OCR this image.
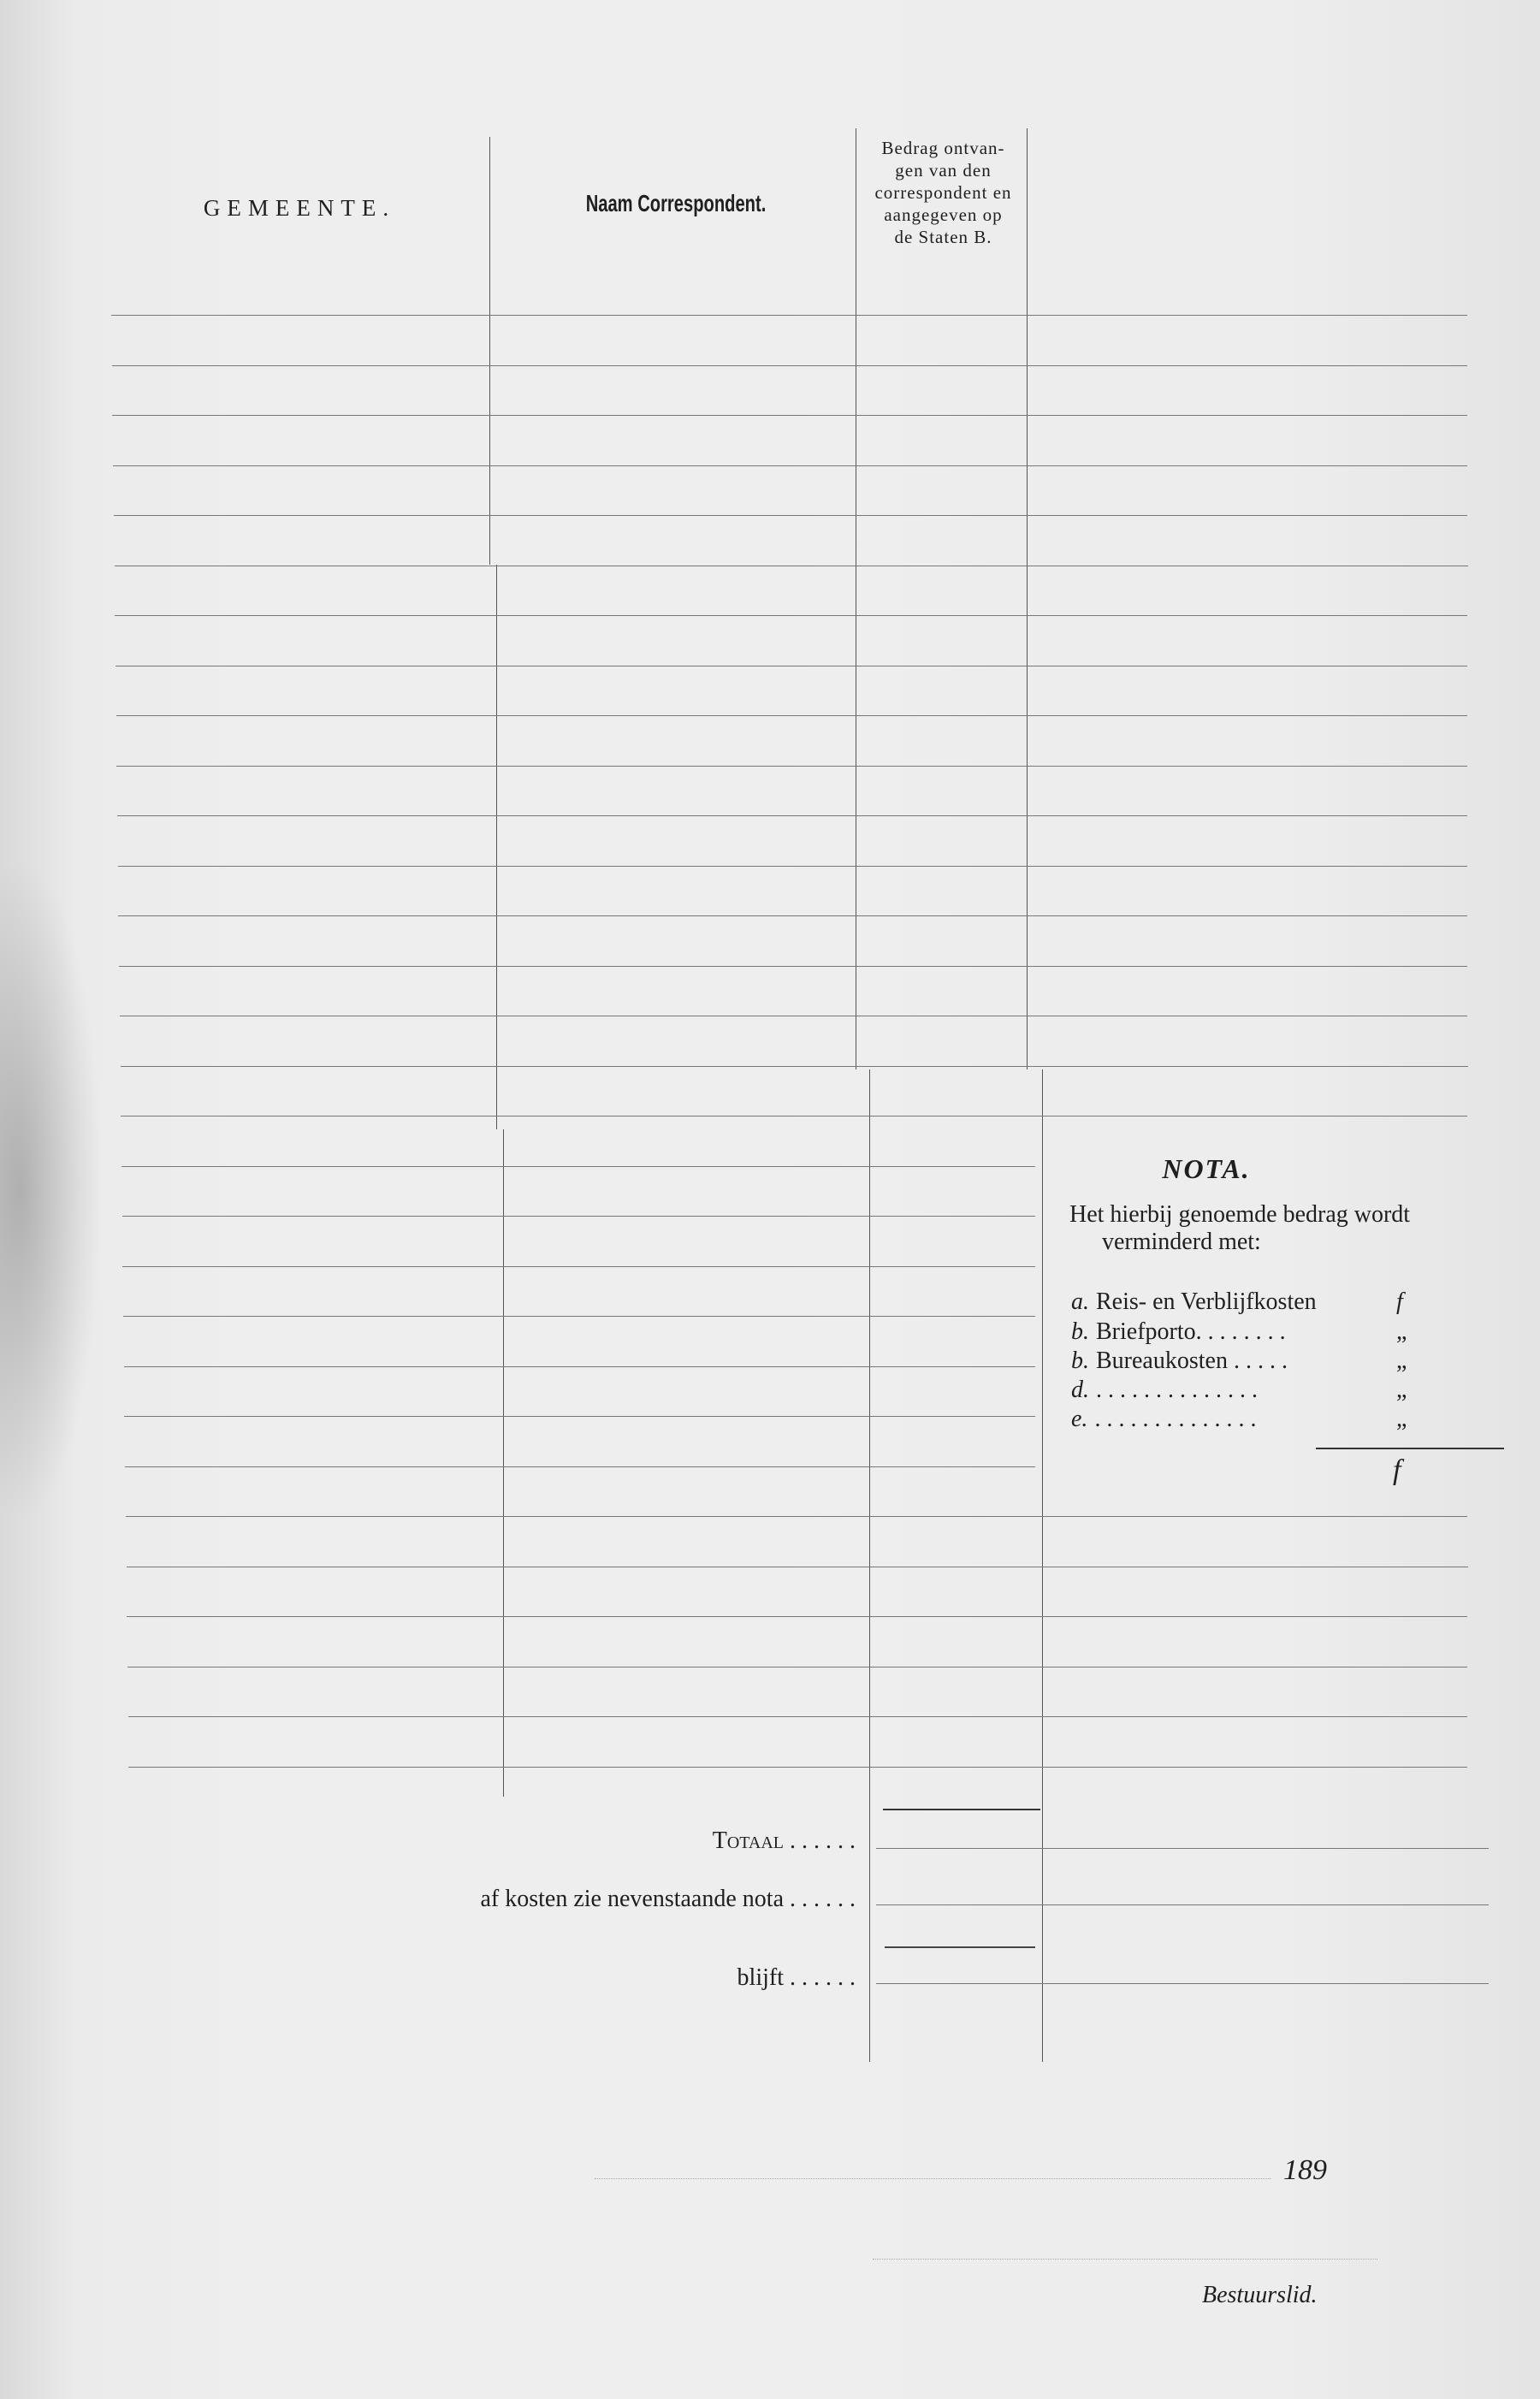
GEMEENTE.	Naam Correspondent.
Bedrag ontvan-
gen van den
correspondent en
aangegeven op
de Staten B.
NOTA.
Het hierbij genoemde bedrag wordt
verminderd met:
a. Reis- en Verblijfkosten	f
b. Briefporto. . . . . . . .	„
b. Bureaukosten . . . . .	„
d. . . . . . . . . . . . . . .	„
e. . . . . . . . . . . . . . .	„
f
Totaal . . . . . .
af kosten zie nevenstaande nota . . . . . .
blijft . . . . . .
189
Bestuurslid.
